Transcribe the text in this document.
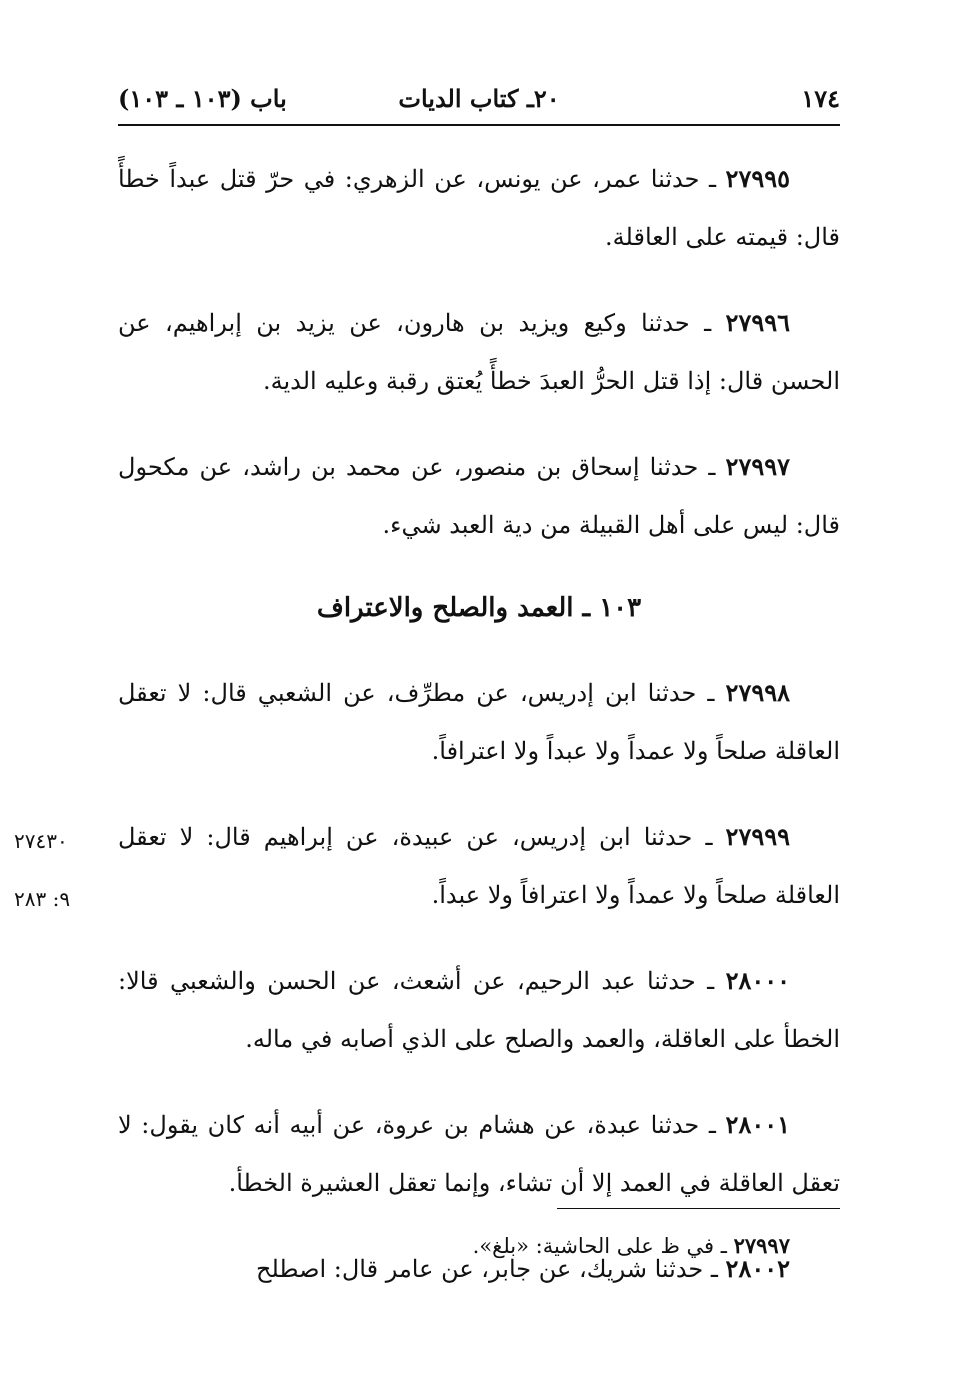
١٧٤
٢٠ـ كتاب الديات
باب (١٠٣ ـ ١٠٣)

٢٧٩٩٥ ـ حدثنا عمر، عن يونس، عن الزهري: في حرّ قتل عبداً خطأً قال: قيمته على العاقلة.

٢٧٩٩٦ ـ حدثنا وكيع ويزيد بن هارون، عن يزيد بن إبراهيم، عن الحسن قال: إذا قتل الحرُّ العبدَ خطأً يُعتق رقبة وعليه الدية.

٢٧٩٩٧ ـ حدثنا إسحاق بن منصور، عن محمد بن راشد، عن مكحول قال: ليس على أهل القبيلة من دية العبد شيء.

١٠٣ ـ العمد والصلح والاعتراف

٢٧٩٩٨ ـ حدثنا ابن إدريس، عن مطرِّف، عن الشعبي قال: لا تعقل العاقلة صلحاً ولا عمداً ولا عبداً ولا اعترافاً.

٢٧٤٣٠
٩: ٢٨٣
٢٧٩٩٩ ـ حدثنا ابن إدريس، عن عبيدة، عن إبراهيم قال: لا تعقل العاقلة صلحاً ولا عمداً ولا اعترافاً ولا عبداً.

٢٨٠٠٠ ـ حدثنا عبد الرحيم، عن أشعث، عن الحسن والشعبي قالا: الخطأ على العاقلة، والعمد والصلح على الذي أصابه في ماله.

٢٨٠٠١ ـ حدثنا عبدة، عن هشام بن عروة، عن أبيه أنه كان يقول: لا تعقل العاقلة في العمد إلا أن تشاء، وإنما تعقل العشيرة الخطأ.

٢٨٠٠٢ ـ حدثنا شريك، عن جابر، عن عامر قال: اصطلح

٢٧٩٩٧ ـ في ظ على الحاشية: «بلغ».
